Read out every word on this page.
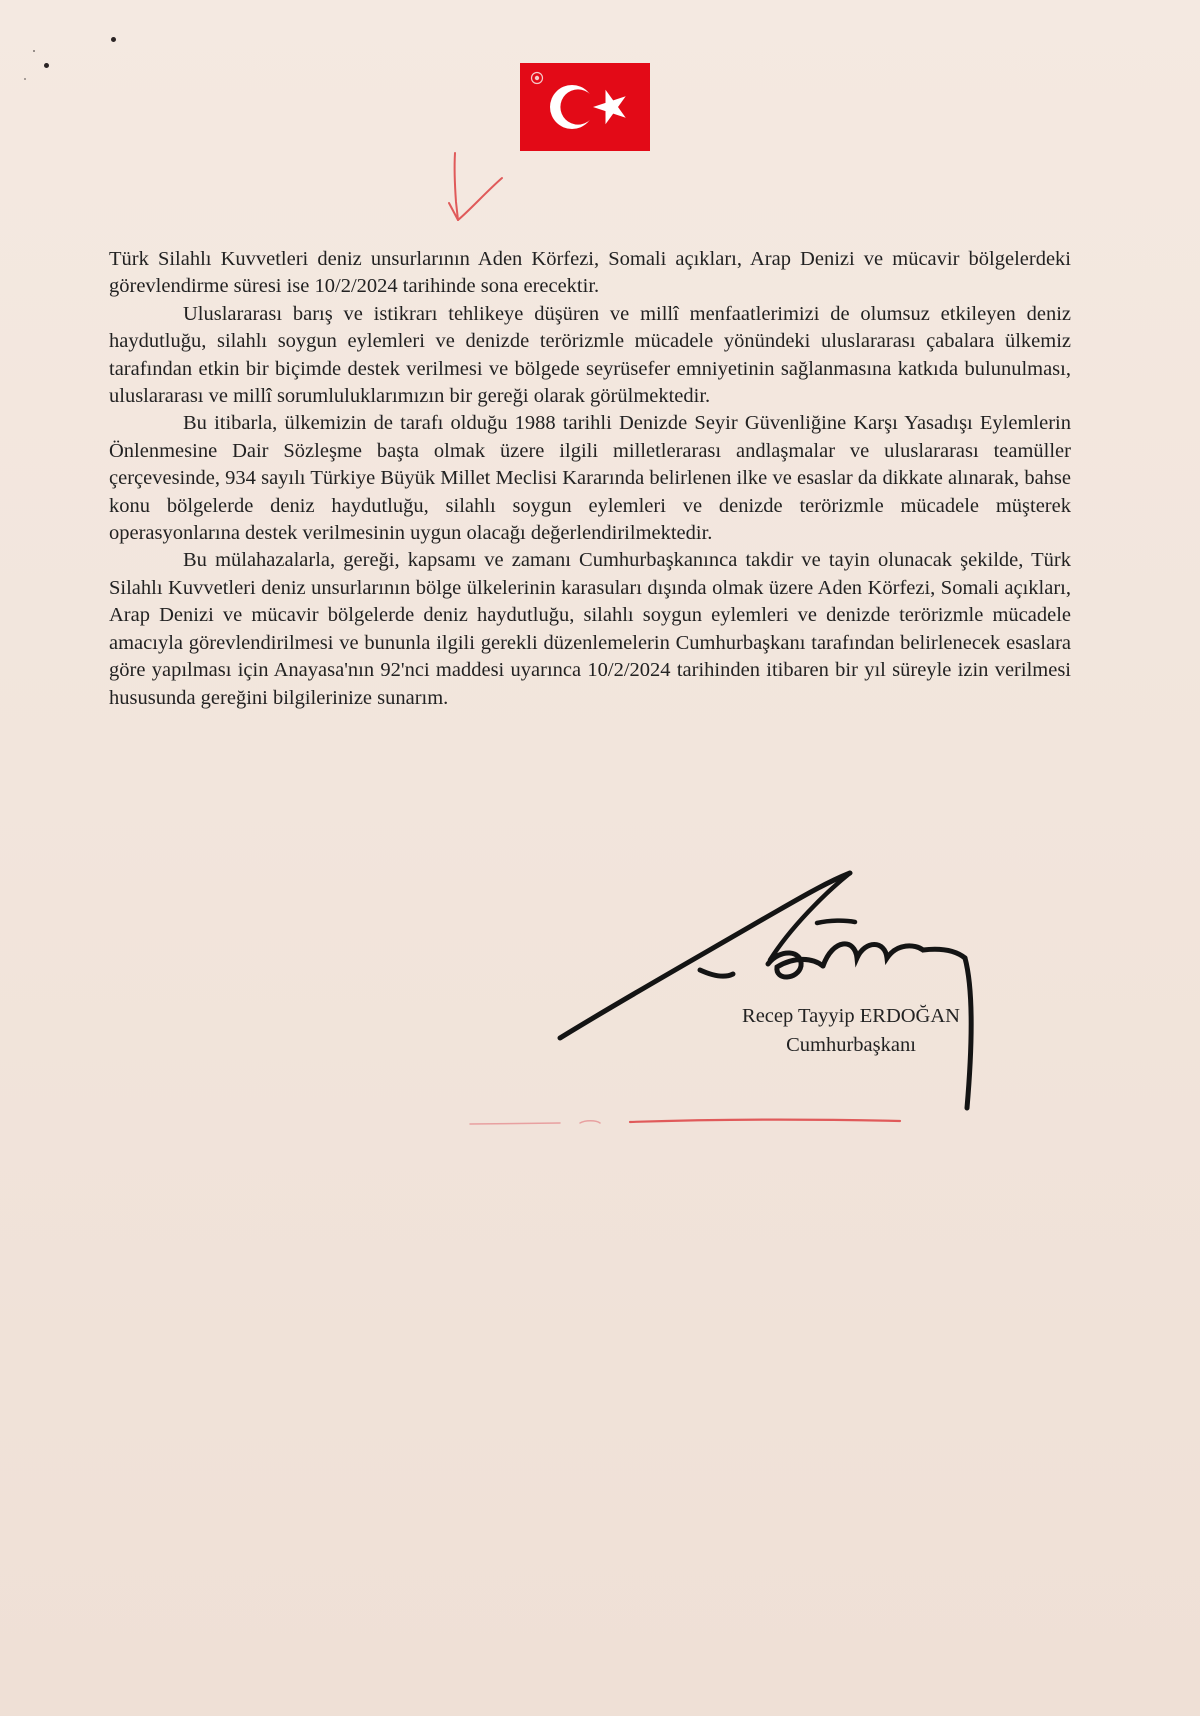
Türk Silahlı Kuvvetleri deniz unsurlarının Aden Körfezi, Somali açıkları, Arap Denizi ve mücavir bölgelerdeki görevlendirme süresi ise 10/2/2024 tarihinde sona erecektir.

Uluslararası barış ve istikrarı tehlikeye düşüren ve millî menfaatlerimizi de olumsuz etkileyen deniz haydutluğu, silahlı soygun eylemleri ve denizde terörizmle mücadele yönündeki uluslararası çabalara ülkemiz tarafından etkin bir biçimde destek verilmesi ve bölgede seyrüsefer emniyetinin sağlanmasına katkıda bulunulması, uluslararası ve millî sorumluluklarımızın bir gereği olarak görülmektedir.

Bu itibarla, ülkemizin de tarafı olduğu 1988 tarihli Denizde Seyir Güvenliğine Karşı Yasadışı Eylemlerin Önlenmesine Dair Sözleşme başta olmak üzere ilgili milletlerarası andlaşmalar ve uluslararası teamüller çerçevesinde, 934 sayılı Türkiye Büyük Millet Meclisi Kararında belirlenen ilke ve esaslar da dikkate alınarak, bahse konu bölgelerde deniz haydutluğu, silahlı soygun eylemleri ve denizde terörizmle mücadele müşterek operasyonlarına destek verilmesinin uygun olacağı değerlendirilmektedir.

Bu mülahazalarla, gereği, kapsamı ve zamanı Cumhurbaşkanınca takdir ve tayin olunacak şekilde, Türk Silahlı Kuvvetleri deniz unsurlarının bölge ülkelerinin karasuları dışında olmak üzere Aden Körfezi, Somali açıkları, Arap Denizi ve mücavir bölgelerde deniz haydutluğu, silahlı soygun eylemleri ve denizde terörizmle mücadele amacıyla görevlendirilmesi ve bununla ilgili gerekli düzenlemelerin Cumhurbaşkanı tarafından belirlenecek esaslara göre yapılması için Anayasa'nın 92'nci maddesi uyarınca 10/2/2024 tarihinden itibaren bir yıl süreyle izin verilmesi hususunda gereğini bilgilerinize sunarım.

Recep Tayyip ERDOĞAN
Cumhurbaşkanı
